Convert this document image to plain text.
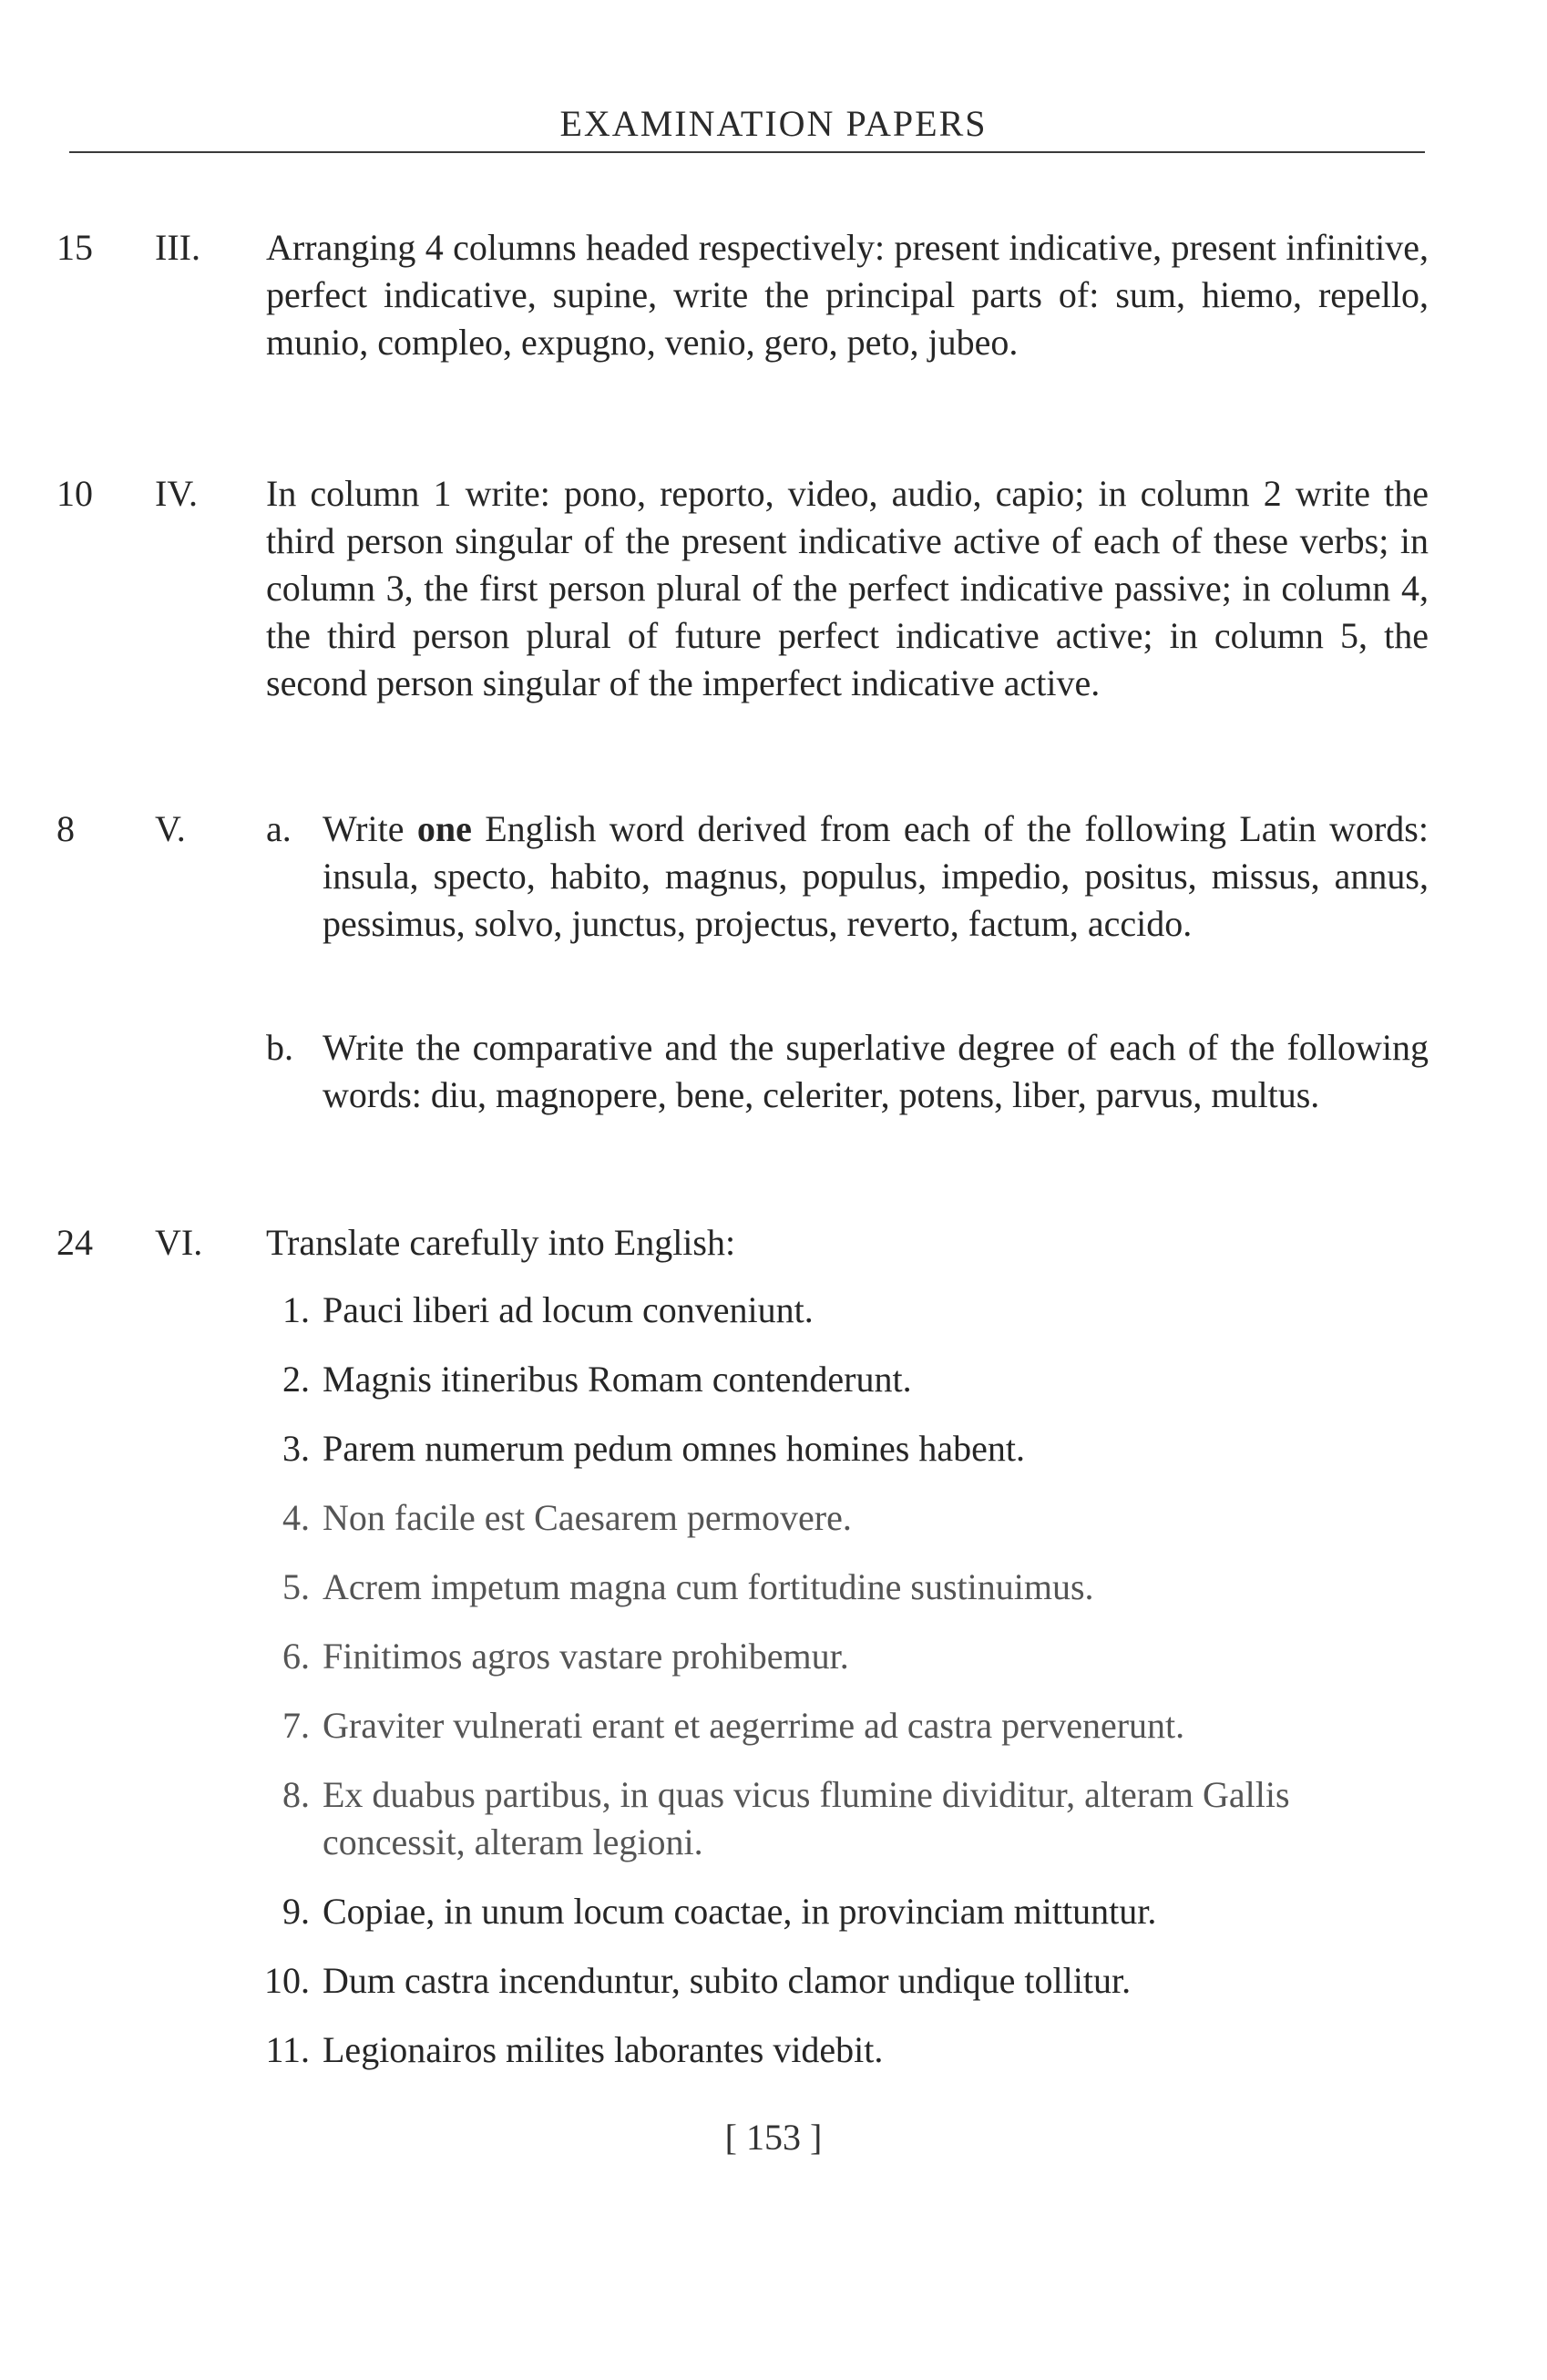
EXAMINATION PAPERS
15	III.	Arranging 4 columns headed respectively: present indicative, present infinitive, perfect indicative, supine, write the principal parts of: sum, hiemo, repello, munio, compleo, expugno, venio, gero, peto, jubeo.
10	IV.	In column 1 write: pono, reporto, video, audio, capio; in column 2 write the third person singular of the present indicative active of each of these verbs; in column 3, the first person plural of the perfect indicative passive; in column 4, the third person plural of future perfect indicative active; in column 5, the second person singular of the imperfect indicative active.
8	V.	a. Write one English word derived from each of the following Latin words: insula, specto, habito, magnus, populus, impedio, positus, missus, annus, pessimus, solvo, junctus, projectus, reverto, factum, accido.
b. Write the comparative and the superlative degree of each of the following words: diu, magnopere, bene, celeriter, potens, liber, parvus, multus.
24	VI.	Translate carefully into English:
1. Pauci liberi ad locum conveniunt.
2. Magnis itineribus Romam contenderunt.
3. Parem numerum pedum omnes homines habent.
4. Non facile est Caesarem permovere.
5. Acrem impetum magna cum fortitudine sustinuimus.
6. Finitimos agros vastare prohibemur.
7. Graviter vulnerati erant et aegerrime ad castra pervenerunt.
8. Ex duabus partibus, in quas vicus flumine dividitur, alteram Gallis concessit, alteram legioni.
9. Copiae, in unum locum coactae, in provinciam mittuntur.
10. Dum castra incenduntur, subito clamor undique tollitur.
11. Legionairos milites laborantes videbit.
[ 153 ]
